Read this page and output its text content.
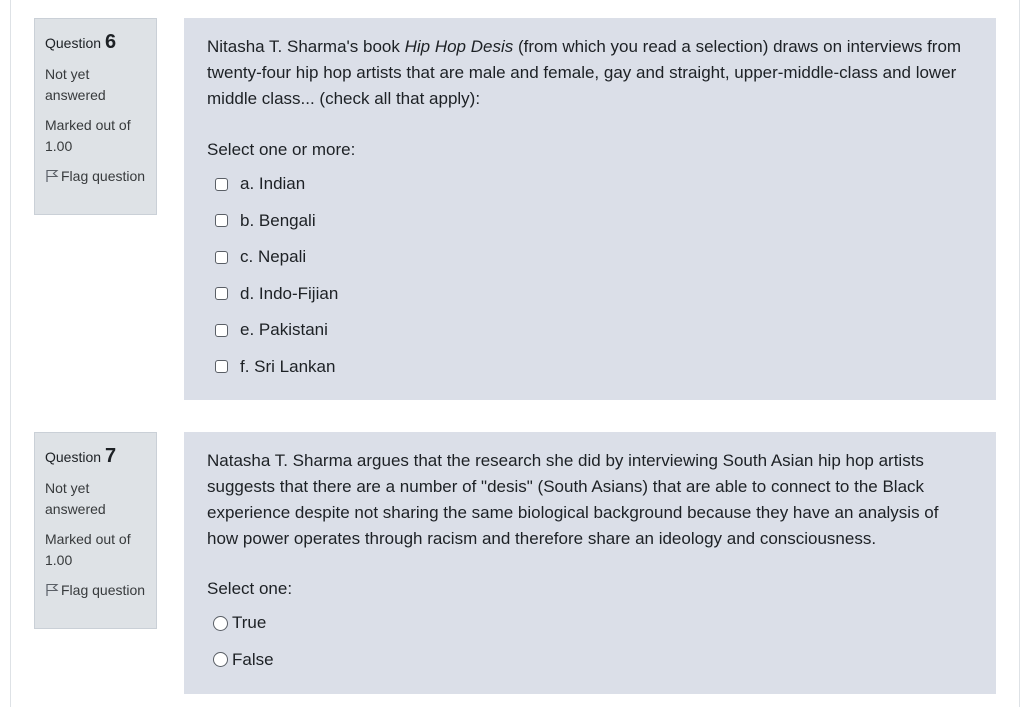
Question 6
Not yet answered
Marked out of 1.00
Flag question

Nitasha T. Sharma's book Hip Hop Desis (from which you read a selection) draws on interviews from twenty-four hip hop artists that are male and female, gay and straight, upper-middle-class and lower middle class... (check all that apply):

Select one or more:
a. Indian
b. Bengali
c. Nepali
d. Indo-Fijian
e. Pakistani
f. Sri Lankan
Question 7
Not yet answered
Marked out of 1.00
Flag question

Natasha T. Sharma argues that the research she did by interviewing South Asian hip hop artists suggests that there are a number of "desis" (South Asians) that are able to connect to the Black experience despite not sharing the same biological background because they have an analysis of how power operates through racism and therefore share an ideology and consciousness.

Select one:
True
False
